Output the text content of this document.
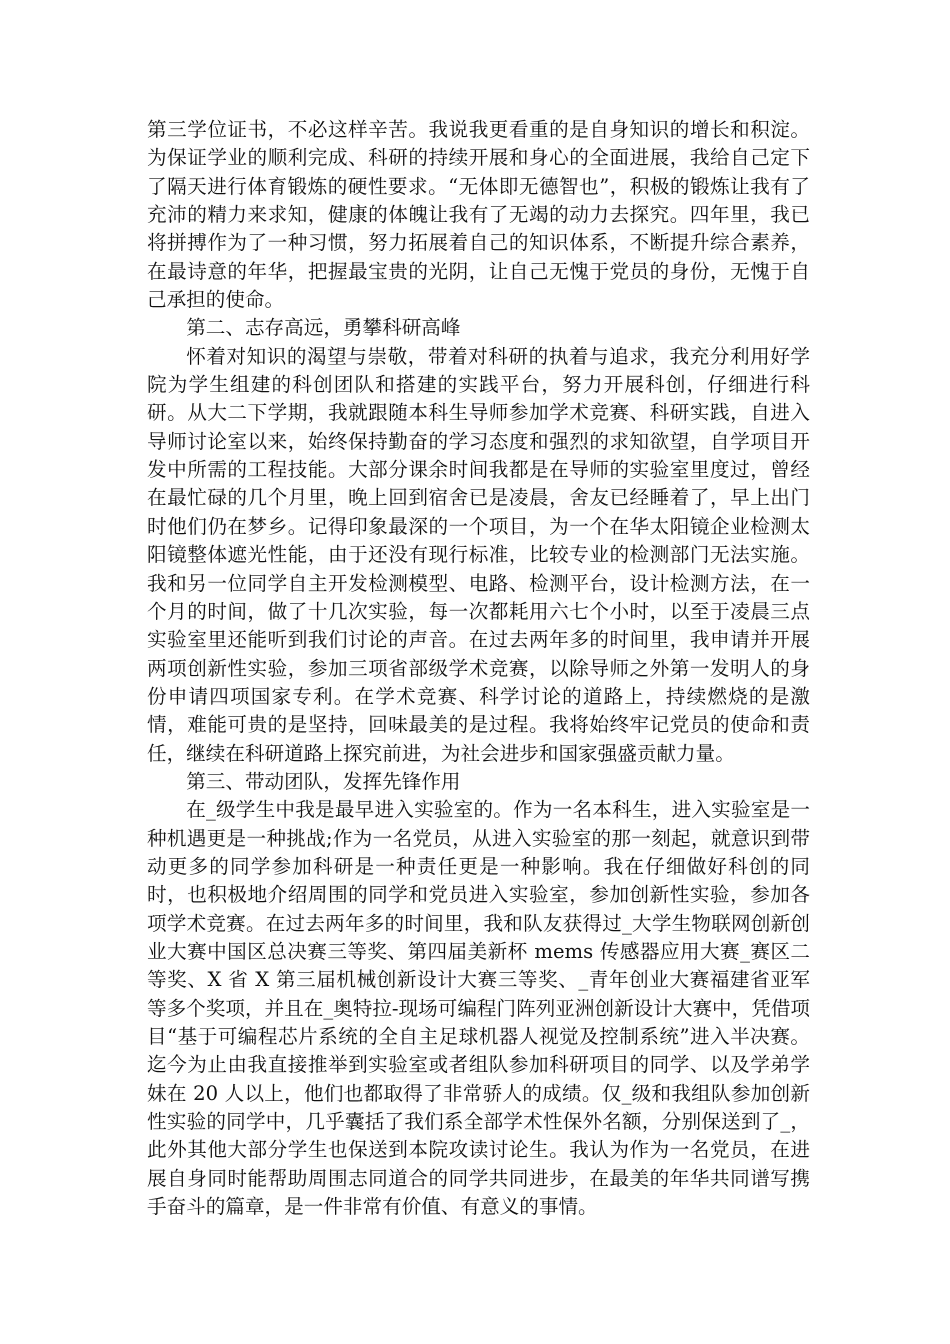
第三学位证书，不必这样辛苦。我说我更看重的是自身知识的增长和积淀。为保证学业的顺利完成、科研的持续开展和身心的全面进展，我给自己定下了隔天进行体育锻炼的硬性要求。“无体即无德智也”，积极的锻炼让我有了充沛的精力来求知，健康的体魄让我有了无竭的动力去探究。四年里，我已将拼搏作为了一种习惯，努力拓展着自己的知识体系，不断提升综合素养，在最诗意的年华，把握最宝贵的光阴，让自己无愧于党员的身份，无愧于自己承担的使命。

第二、志存高远，勇攀科研高峰

怀着对知识的渴望与崇敬，带着对科研的执着与追求，我充分利用好学院为学生组建的科创团队和搭建的实践平台，努力开展科创，仔细进行科研。从大二下学期，我就跟随本科生导师参加学术竞赛、科研实践，自进入导师讨论室以来，始终保持勤奋的学习态度和强烈的求知欲望，自学项目开发中所需的工程技能。大部分课余时间我都是在导师的实验室里度过，曾经在最忙碌的几个月里，晚上回到宿舍已是凌晨，舍友已经睡着了，早上出门时他们仍在梦乡。记得印象最深的一个项目，为一个在华太阳镜企业检测太阳镜整体遮光性能，由于还没有现行标准，比较专业的检测部门无法实施。我和另一位同学自主开发检测模型、电路、检测平台，设计检测方法，在一个月的时间，做了十几次实验，每一次都耗用六七个小时，以至于凌晨三点实验室里还能听到我们讨论的声音。在过去两年多的时间里，我申请并开展两项创新性实验，参加三项省部级学术竞赛，以除导师之外第一发明人的身份申请四项国家专利。在学术竞赛、科学讨论的道路上，持续燃烧的是激情，难能可贵的是坚持，回味最美的是过程。我将始终牢记党员的使命和责任，继续在科研道路上探究前进，为社会进步和国家强盛贡献力量。

第三、带动团队，发挥先锋作用

在_级学生中我是最早进入实验室的。作为一名本科生，进入实验室是一种机遇更是一种挑战;作为一名党员，从进入实验室的那一刻起，就意识到带动更多的同学参加科研是一种责任更是一种影响。我在仔细做好科创的同时，也积极地介绍周围的同学和党员进入实验室，参加创新性实验，参加各项学术竞赛。在过去两年多的时间里，我和队友获得过_大学生物联网创新创业大赛中国区总决赛三等奖、第四届美新杯 mems 传感器应用大赛_赛区二等奖、X 省 X 第三届机械创新设计大赛三等奖、_青年创业大赛福建省亚军等多个奖项，并且在_奥特拉-现场可编程门阵列亚洲创新设计大赛中，凭借项目“基于可编程芯片系统的全自主足球机器人视觉及控制系统”进入半决赛。迄今为止由我直接推举到实验室或者组队参加科研项目的同学、以及学弟学妹在 20 人以上，他们也都取得了非常骄人的成绩。仅_级和我组队参加创新性实验的同学中，几乎囊括了我们系全部学术性保外名额，分别保送到了_，此外其他大部分学生也保送到本院攻读讨论生。我认为作为一名党员，在进展自身同时能帮助周围志同道合的同学共同进步，在最美的年华共同谱写携手奋斗的篇章，是一件非常有价值、有意义的事情。
